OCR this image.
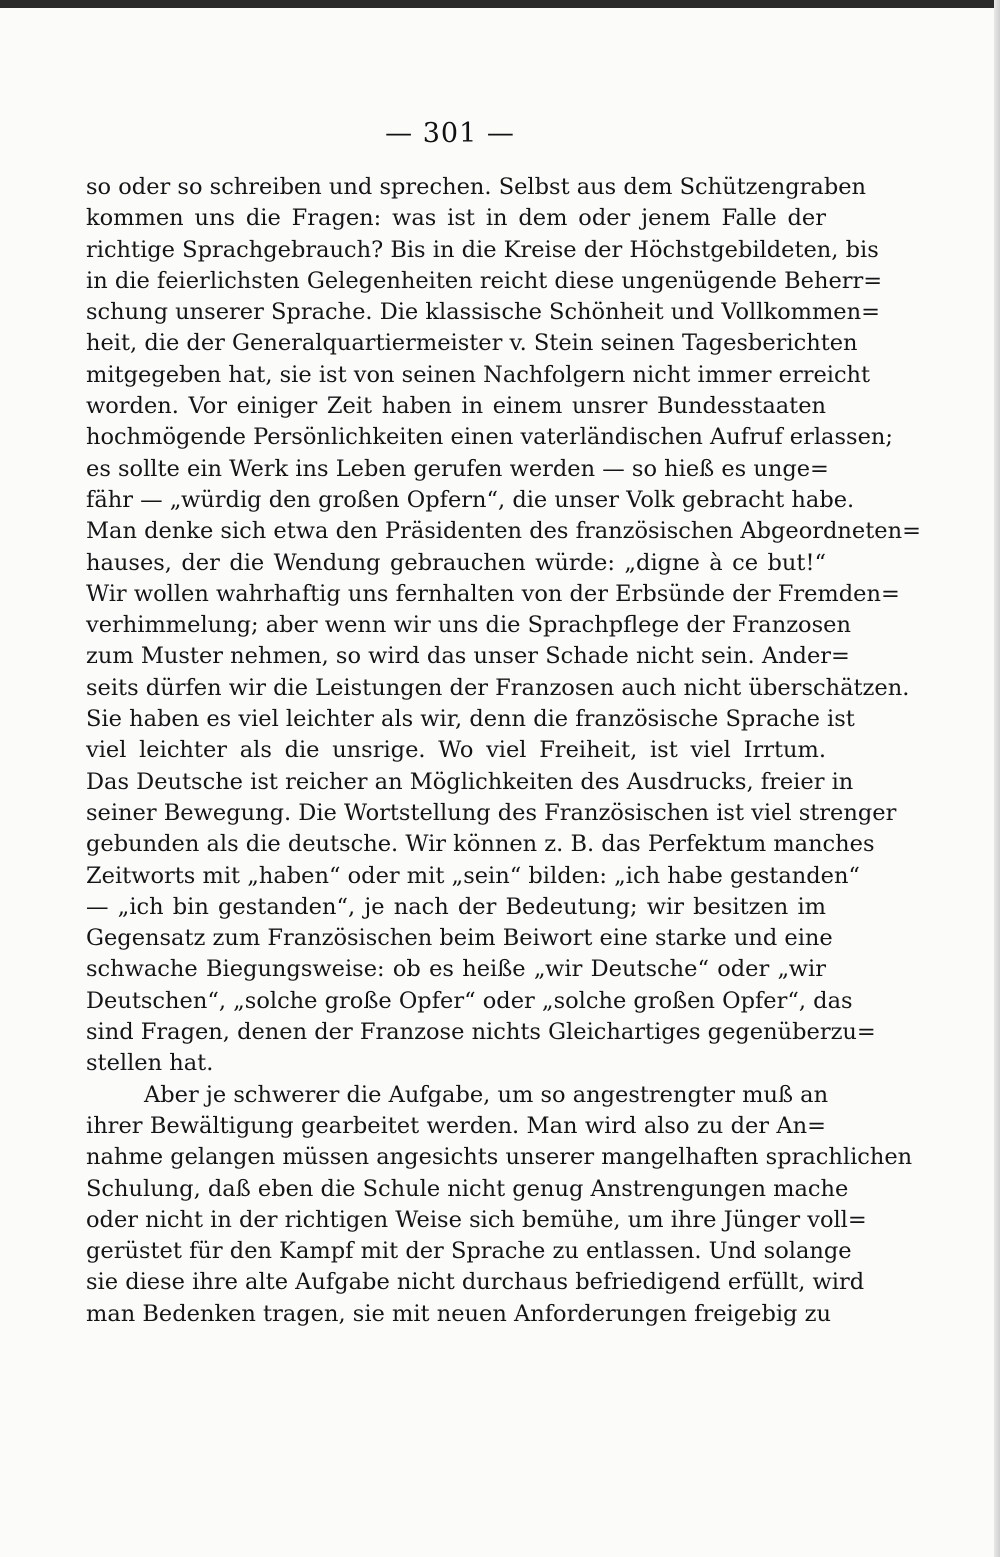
— 301 —
so oder so schreiben und sprechen. Selbst aus dem Schützengraben
kommen uns die Fragen: was ist in dem oder jenem Falle der
richtige Sprachgebrauch? Bis in die Kreise der Höchstgebildeten, bis
in die feierlichsten Gelegenheiten reicht diese ungenügende Beherr=
schung unserer Sprache. Die klassische Schönheit und Vollkommen=
heit, die der Generalquartiermeister v. Stein seinen Tagesberichten
mitgegeben hat, sie ist von seinen Nachfolgern nicht immer erreicht
worden. Vor einiger Zeit haben in einem unsrer Bundesstaaten
hochmögende Persönlichkeiten einen vaterländischen Aufruf erlassen;
es sollte ein Werk ins Leben gerufen werden — so hieß es unge=
fähr — „würdig den großen Opfern“, die unser Volk gebracht habe.
Man denke sich etwa den Präsidenten des französischen Abgeordneten=
hauses, der die Wendung gebrauchen würde: „digne à ce but!“
Wir wollen wahrhaftig uns fernhalten von der Erbsünde der Fremden=
verhimmelung; aber wenn wir uns die Sprachpflege der Franzosen
zum Muster nehmen, so wird das unser Schade nicht sein. Ander=
seits dürfen wir die Leistungen der Franzosen auch nicht überschätzen.
Sie haben es viel leichter als wir, denn die französische Sprache ist
viel leichter als die unsrige. Wo viel Freiheit, ist viel Irrtum.
Das Deutsche ist reicher an Möglichkeiten des Ausdrucks, freier in
seiner Bewegung. Die Wortstellung des Französischen ist viel strenger
gebunden als die deutsche. Wir können z. B. das Perfektum manches
Zeitworts mit „haben“ oder mit „sein“ bilden: „ich habe gestanden“
— „ich bin gestanden“, je nach der Bedeutung; wir besitzen im
Gegensatz zum Französischen beim Beiwort eine starke und eine
schwache Biegungsweise: ob es heiße „wir Deutsche“ oder „wir
Deutschen“, „solche große Opfer“ oder „solche großen Opfer“, das
sind Fragen, denen der Franzose nichts Gleichartiges gegenüberzu=
stellen hat.
Aber je schwerer die Aufgabe, um so angestrengter muß an
ihrer Bewältigung gearbeitet werden. Man wird also zu der An=
nahme gelangen müssen angesichts unserer mangelhaften sprachlichen
Schulung, daß eben die Schule nicht genug Anstrengungen mache
oder nicht in der richtigen Weise sich bemühe, um ihre Jünger voll=
gerüstet für den Kampf mit der Sprache zu entlassen. Und solange
sie diese ihre alte Aufgabe nicht durchaus befriedigend erfüllt, wird
man Bedenken tragen, sie mit neuen Anforderungen freigebig zu
